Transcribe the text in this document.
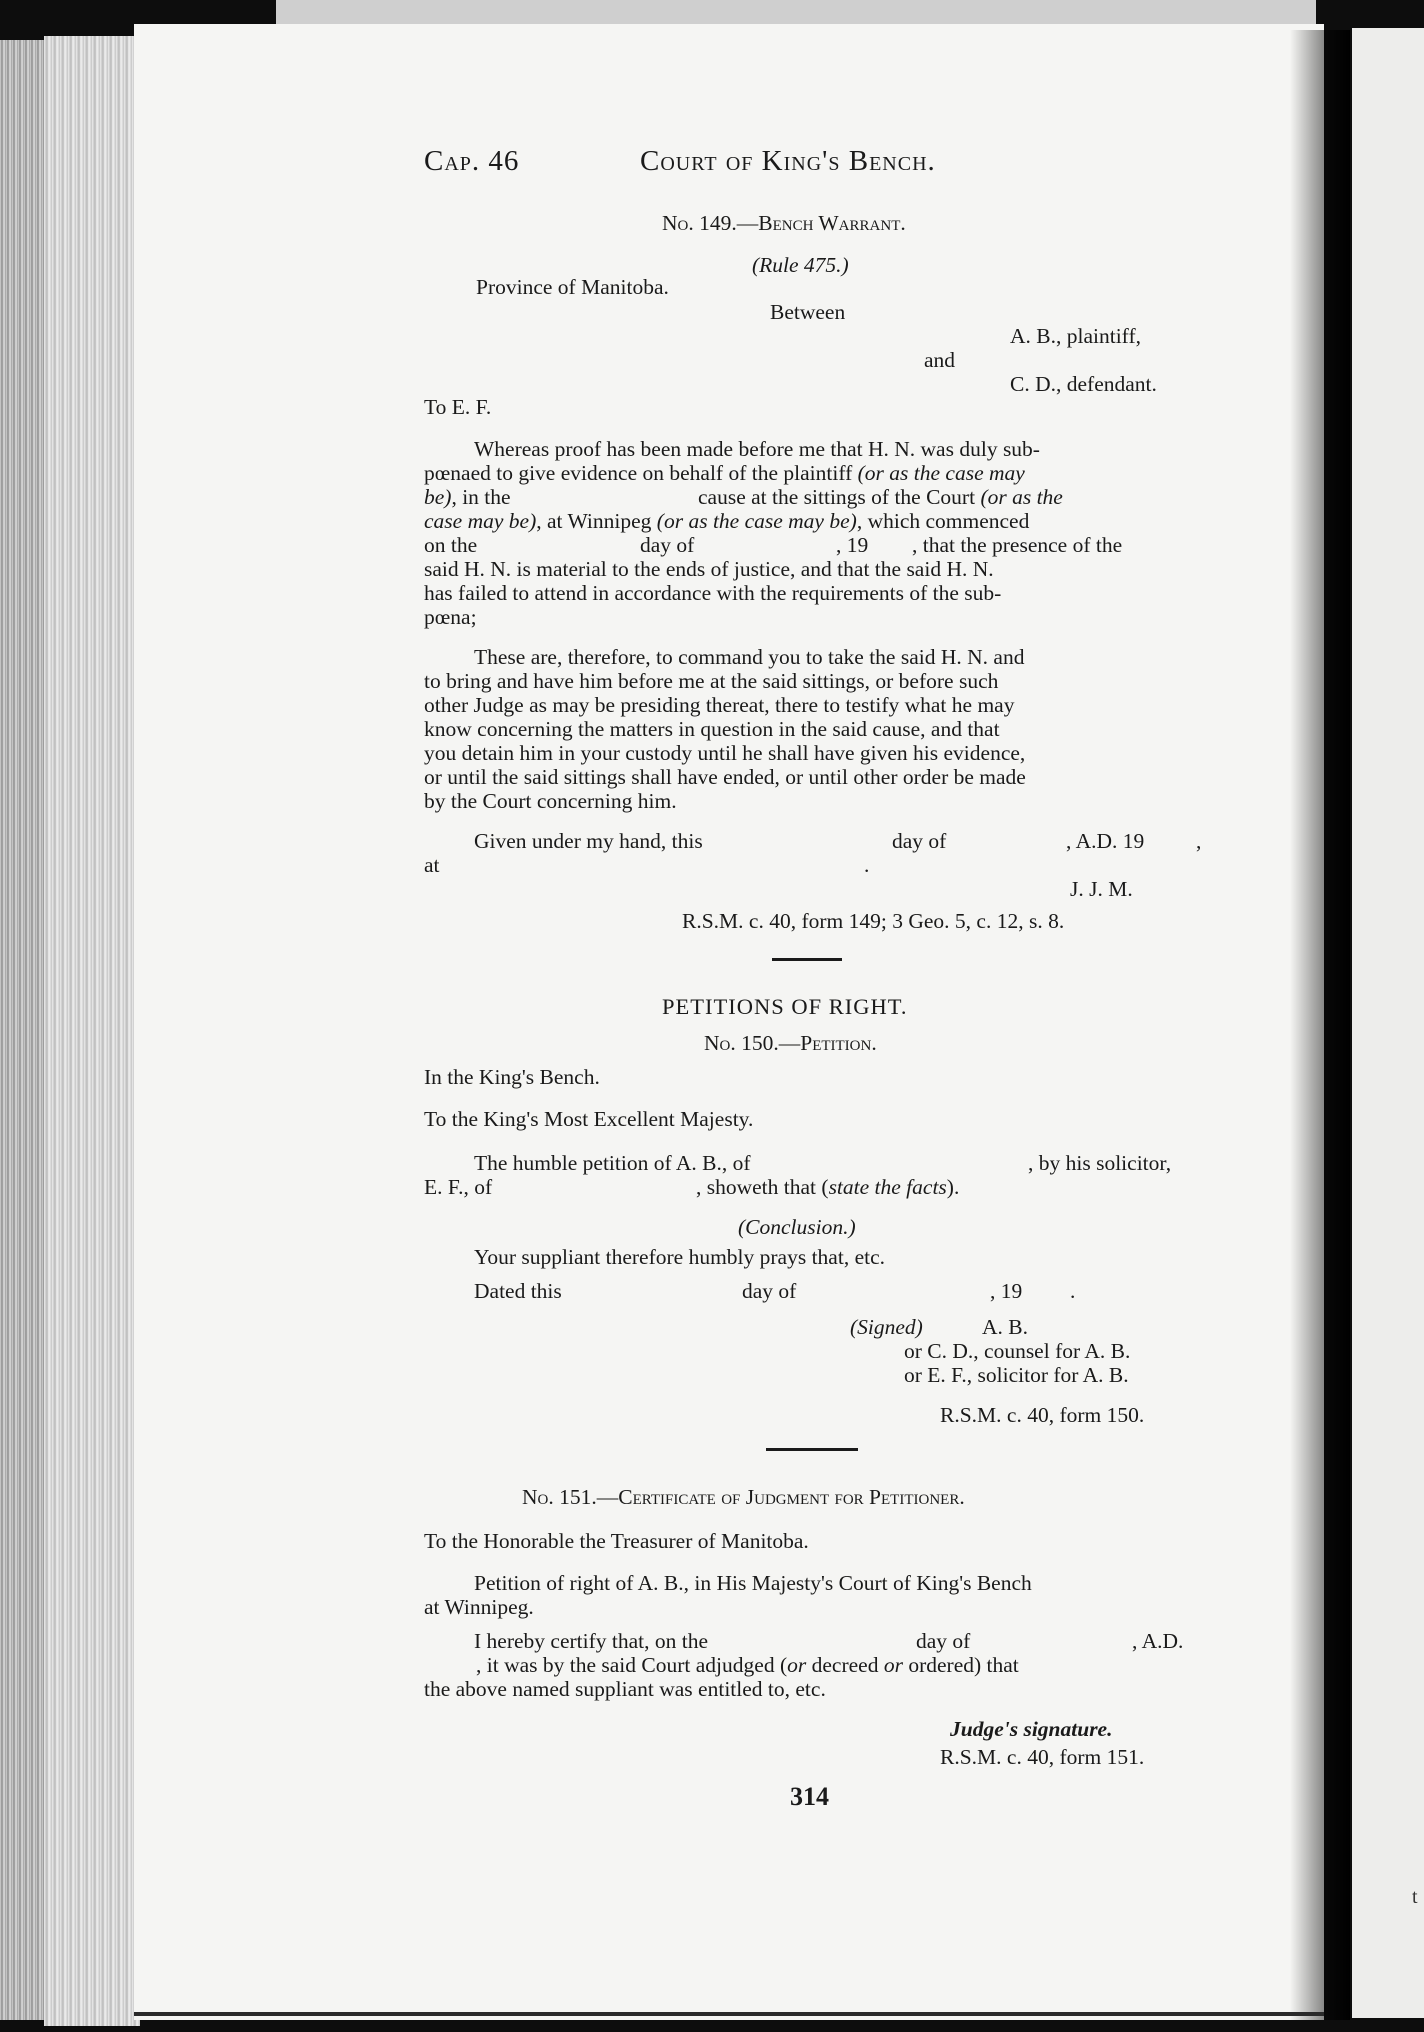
t
Cap. 46	Court of King's Bench.
No. 149.—Bench Warrant.
(Rule 475.)
Province of Manitoba.
Between
A. B., plaintiff,
and
C. D., defendant.
To E. F.
Whereas proof has been made before me that H. N. was duly sub-
pœnaed to give evidence on behalf of the plaintiff (or as the case may
be), in the	cause at the sittings of the Court (or as the
case may be), at Winnipeg (or as the case may be), which commenced
on the	day of	, 19 , that the presence of the
said H. N. is material to the ends of justice, and that the said H. N.
has failed to attend in accordance with the requirements of the sub-
pœna;
These are, therefore, to command you to take the said H. N. and
to bring and have him before me at the said sittings, or before such
other Judge as may be presiding thereat, there to testify what he may
know concerning the matters in question in the said cause, and that
you detain him in your custody until he shall have given his evidence,
or until the said sittings shall have ended, or until other order be made
by the Court concerning him.
Given under my hand, this	day of	, A.D. 19 ,
at	.
J. J. M.
R.S.M. c. 40, form 149; 3 Geo. 5, c. 12, s. 8.
PETITIONS OF RIGHT.
No. 150.—Petition.
In the King's Bench.
To the King's Most Excellent Majesty.
The humble petition of A. B., of	, by his solicitor,
E. F., of	, showeth that (state the facts).
(Conclusion.)
Your suppliant therefore humbly prays that, etc.
Dated this	day of	, 19 .
(Signed)	A. B.
or C. D., counsel for A. B.
or E. F., solicitor for A. B.
R.S.M. c. 40, form 150.
No. 151.—Certificate of Judgment for Petitioner.
To the Honorable the Treasurer of Manitoba.
Petition of right of A. B., in His Majesty's Court of King's Bench
at Winnipeg.
I hereby certify that, on the	day of	, A.D.
, it was by the said Court adjudged (or decreed or ordered) that
the above named suppliant was entitled to, etc.
Judge's signature.
R.S.M. c. 40, form 151.
314
